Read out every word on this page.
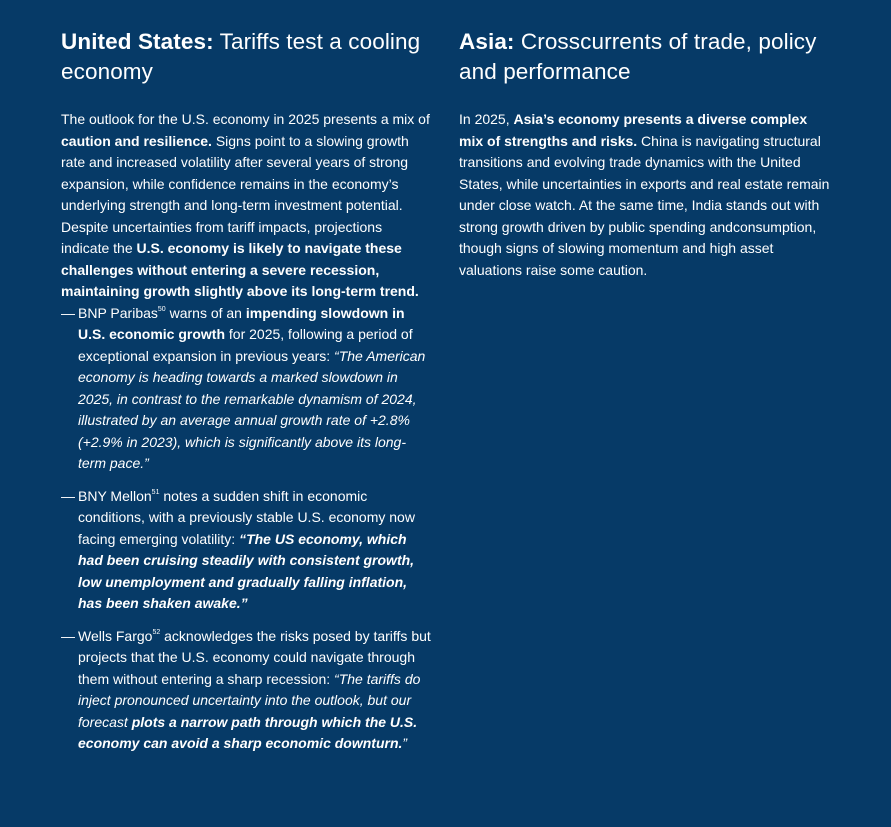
United States: Tariffs test a cooling economy

The outlook for the U.S. economy in 2025 presents a mix of caution and resilience. Signs point to a slowing growth rate and increased volatility after several years of strong expansion, while confidence remains in the economy’s underlying strength and long-term investment potential. Despite uncertainties from tariff impacts, projections indicate the U.S. economy is likely to navigate these challenges without entering a severe recession, maintaining growth slightly above its long-term trend.

— BNP Paribas$^{50}$ warns of an impending slowdown in U.S. economic growth for 2025, following a period of exceptional expansion in previous years: “The American economy is heading towards a marked slowdown in 2025, in contrast to the remarkable dynamism of 2024, illustrated by an average annual growth rate of +2.8% (+2.9% in 2023), which is significantly above its long-term pace.”
— BNY Mellon$^{51}$ notes a sudden shift in economic conditions, with a previously stable U.S. economy now facing emerging volatility: “The US economy, which had been cruising steadily with consistent growth, low unemployment and gradually falling inflation, has been shaken awake.”
— Wells Fargo$^{52}$ acknowledges the risks posed by tariffs but projects that the U.S. economy could navigate through them without entering a sharp recession: “The tariffs do inject pronounced uncertainty into the outlook, but our forecast plots a narrow path through which the U.S. economy can avoid a sharp economic downturn.”
Asia: Crosscurrents of trade, policy and performance

In 2025, Asia’s economy presents a diverse complex mix of strengths and risks. China is navigating structural transitions and evolving trade dynamics with the United States, while uncertainties in exports and real estate remain under close watch. At the same time, India stands out with strong growth driven by public spending andconsumption, though signs of slowing momentum and high asset valuations raise some caution.
